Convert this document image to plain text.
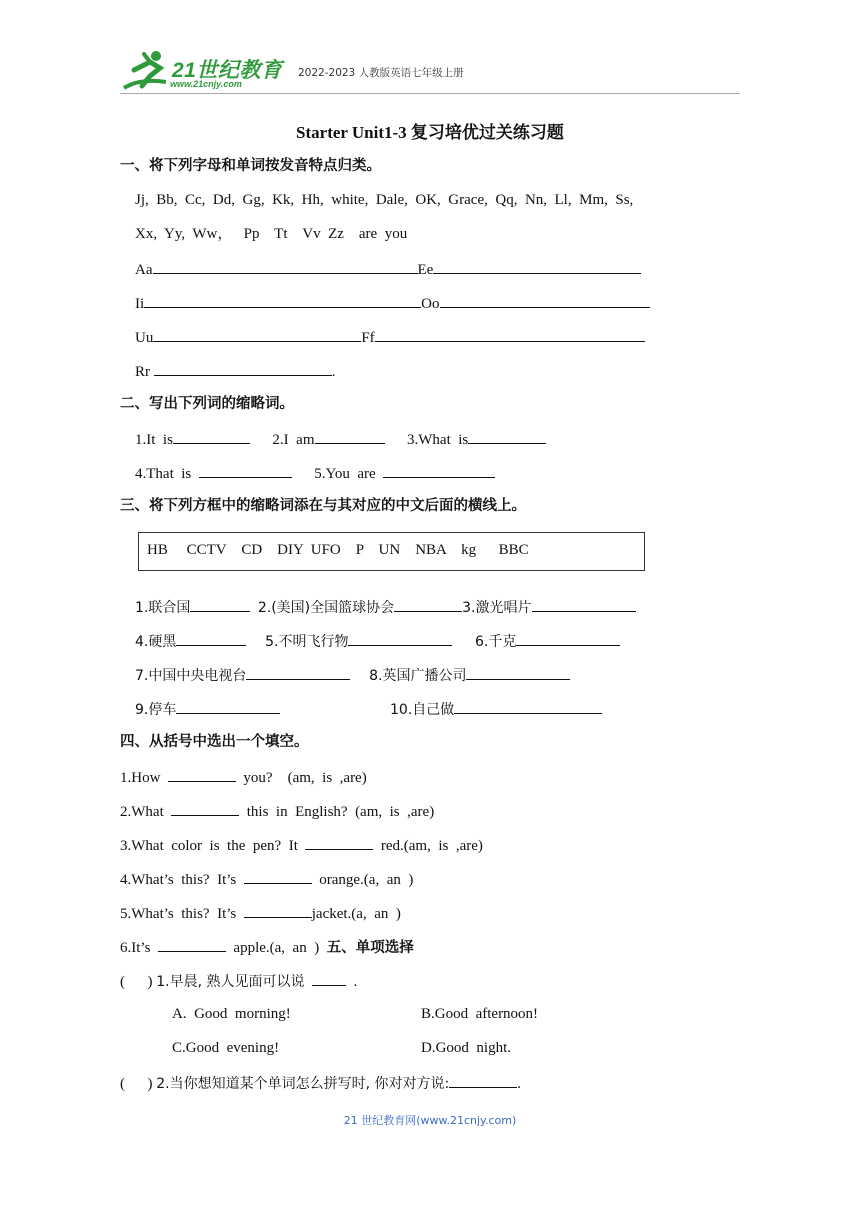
21世纪教育
www.21cnjy.com
2022-2023 人教版英语七年级上册
Starter Unit1-3 复习培优过关练习题
一、将下列字母和单词按发音特点归类。
Jj,  Bb,  Cc,  Dd,  Gg,  Kk,  Hh,  white,  Dale,  OK,  Grace,  Qq,  Nn,  Ll,  Mm,  Ss,
Xx,  Yy,  Ww，   Pp    Tt    Vv  Zz    are  you
Aa	Ee
Ii	Oo
Uu	Ff
Rr	.
二、写出下列词的缩略词。
1.It  is	2.I  am	3.What  is
4.That  is	5.You  are
三、将下列方框中的缩略词添在与其对应的中文后面的横线上。
HB     CCTV    CD    DIY  UFO    P    UN    NBA    kg      BBC
1.联合国	2.(美国)全国篮球协会	3.激光唱片
4.硬黑	5.不明飞行物	6.千克
7.中国中央电视台	8.英国广播公司
9.停车	10.自己做
四、从括号中选出一个填空。
1.How	you?    (am,  is  ,are)
2.What	this  in  English?  (am,  is  ,are)
3.What  color  is  the  pen?  It	red.(am,  is  ,are)
4.What’s  this?  It’s	orange.(a,  an  )
5.What’s  this?  It’s	jacket.(a,  an  )
6.It’s	apple.(a,  an  ) 五、单项选择
(      ) 1.早晨, 熟人见面可以说	.
A.  Good  morning!	B.Good  afternoon!
C.Good  evening!	D.Good  night.
(      ) 2.当你想知道某个单词怎么拼写时, 你对对方说:	.
21 世纪教育网(www.21cnjy.com)
